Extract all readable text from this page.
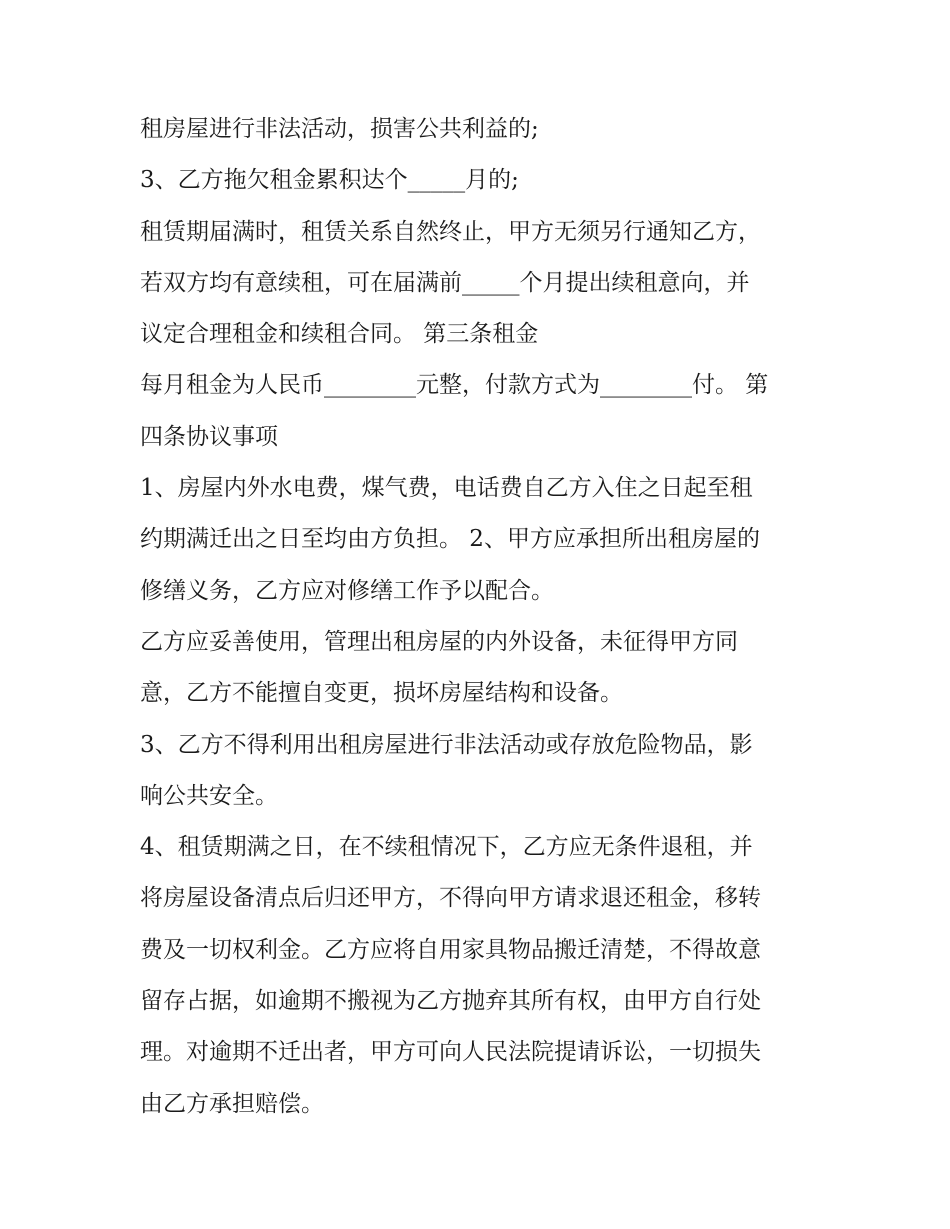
租房屋进行非法活动，损害公共利益的;
3、乙方拖欠租金累积达个_____月的;
租赁期届满时，租赁关系自然终止，甲方无须另行通知乙方，
若双方均有意续租，可在届满前_____个月提出续租意向，并
议定合理租金和续租合同。 第三条租金
每月租金为人民币________元整，付款方式为________付。 第
四条协议事项
1、房屋内外水电费，煤气费，电话费自乙方入住之日起至租
约期满迁出之日至均由方负担。 2、甲方应承担所出租房屋的
修缮义务，乙方应对修缮工作予以配合。
乙方应妥善使用，管理出租房屋的内外设备，未征得甲方同
意，乙方不能擅自变更，损坏房屋结构和设备。
3、乙方不得利用出租房屋进行非法活动或存放危险物品，影
响公共安全。
4、租赁期满之日，在不续租情况下，乙方应无条件退租，并
将房屋设备清点后归还甲方，不得向甲方请求退还租金，移转
费及一切权利金。乙方应将自用家具物品搬迁清楚，不得故意
留存占据，如逾期不搬视为乙方抛弃其所有权，由甲方自行处
理。对逾期不迁出者，甲方可向人民法院提请诉讼，一切损失
由乙方承担赔偿。
